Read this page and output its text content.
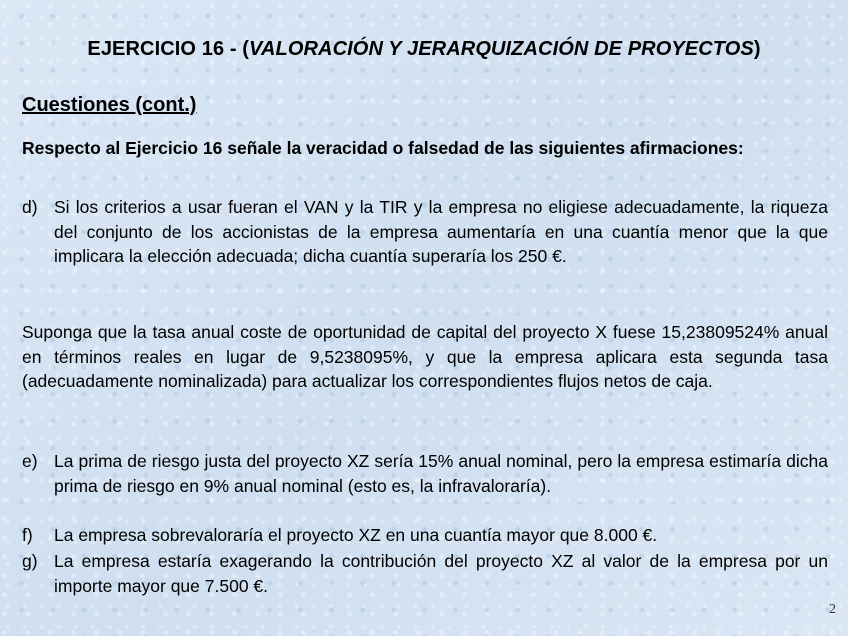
EJERCICIO 16 - (VALORACIÓN Y JERARQUIZACIÓN DE PROYECTOS)
Cuestiones (cont.)
Respecto al Ejercicio 16 señale la veracidad o falsedad de las siguientes afirmaciones:
d) Si los criterios a usar fueran el VAN y la TIR y la empresa no eligiese adecuadamente, la riqueza del conjunto de los accionistas de la empresa aumentaría en una cuantía menor que la que implicara la elección adecuada; dicha cuantía superaría los 250 €.
Suponga que la tasa anual coste de oportunidad de capital del proyecto X fuese 15,23809524% anual en términos reales en lugar de 9,5238095%, y que la empresa aplicara esta segunda tasa (adecuadamente nominalizada) para actualizar los correspondientes flujos netos de caja.
e) La prima de riesgo justa del proyecto XZ sería 15% anual nominal, pero la empresa estimaría dicha prima de riesgo en 9% anual nominal (esto es, la infravaloraría).
f) La empresa sobrevaloraría el proyecto XZ en una cuantía mayor que 8.000 €.
g) La empresa estaría exagerando la contribución del proyecto XZ al valor de la empresa por un importe mayor que 7.500 €.
2
